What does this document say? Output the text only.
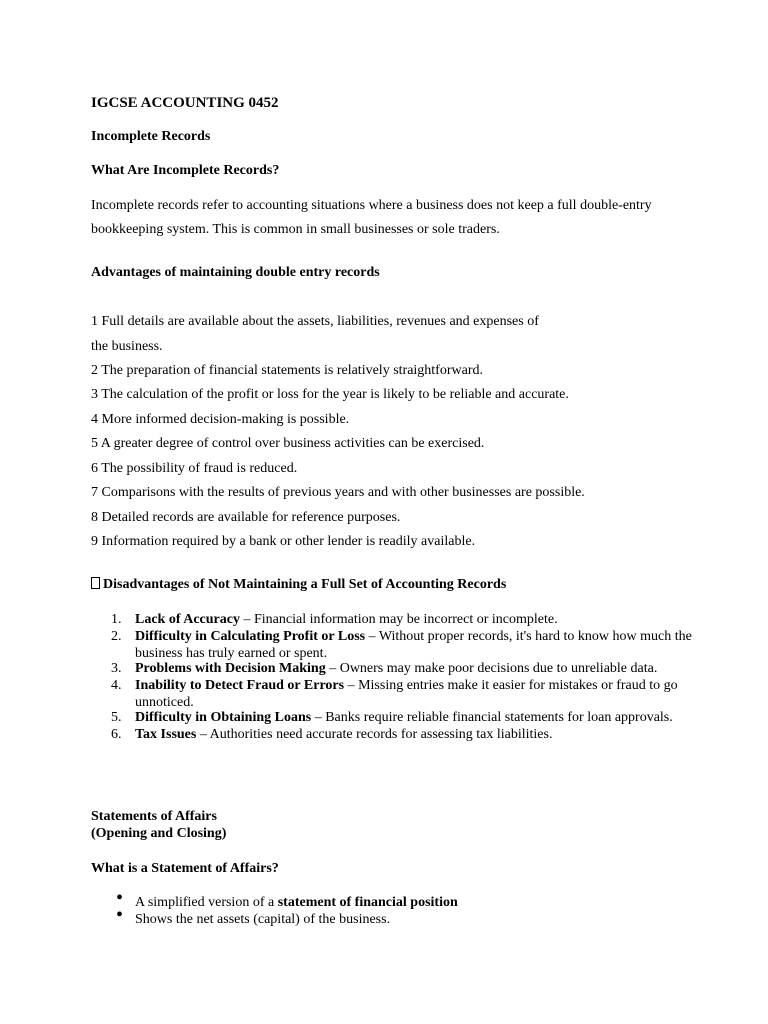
IGCSE ACCOUNTING 0452
Incomplete Records
What Are Incomplete Records?
Incomplete records refer to accounting situations where a business does not keep a full double-entry
bookkeeping system. This is common in small businesses or sole traders.
Advantages of maintaining double entry records
1 Full details are available about the assets, liabilities, revenues and expenses of
the business.
2 The preparation of financial statements is relatively straightforward.
3 The calculation of the profit or loss for the year is likely to be reliable and accurate.
4 More informed decision-making is possible.
5 A greater degree of control over business activities can be exercised.
6 The possibility of fraud is reduced.
7 Comparisons with the results of previous years and with other businesses are possible.
8 Detailed records are available for reference purposes.
9 Information required by a bank or other lender is readily available.
Disadvantages of Not Maintaining a Full Set of Accounting Records
1. Lack of Accuracy – Financial information may be incorrect or incomplete.
2. Difficulty in Calculating Profit or Loss – Without proper records, it's hard to know how much the business has truly earned or spent.
3. Problems with Decision Making – Owners may make poor decisions due to unreliable data.
4. Inability to Detect Fraud or Errors – Missing entries make it easier for mistakes or fraud to go unnoticed.
5. Difficulty in Obtaining Loans – Banks require reliable financial statements for loan approvals.
6. Tax Issues – Authorities need accurate records for assessing tax liabilities.
Statements of Affairs
(Opening and Closing)
What is a Statement of Affairs?
• A simplified version of a statement of financial position
• Shows the net assets (capital) of the business.
